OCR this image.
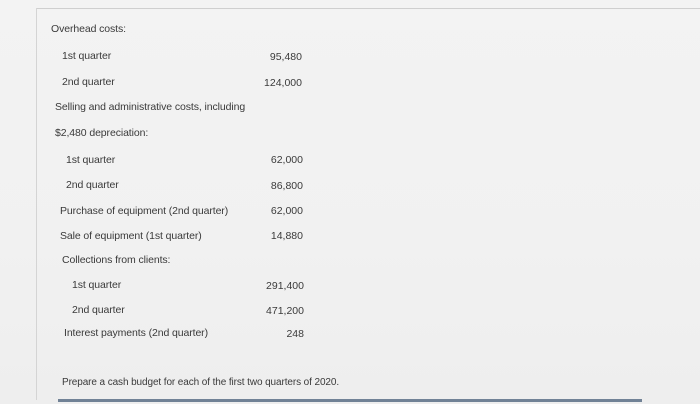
Overhead costs:
1st quarter	95,480
2nd quarter	124,000
Selling and administrative costs, including
$2,480 depreciation:
1st quarter	62,000
2nd quarter	86,800
Purchase of equipment (2nd quarter)	62,000
Sale of equipment (1st quarter)	14,880
Collections from clients:
1st quarter	291,400
2nd quarter	471,200
Interest payments (2nd quarter)	248
Prepare a cash budget for each of the first two quarters of 2020.
